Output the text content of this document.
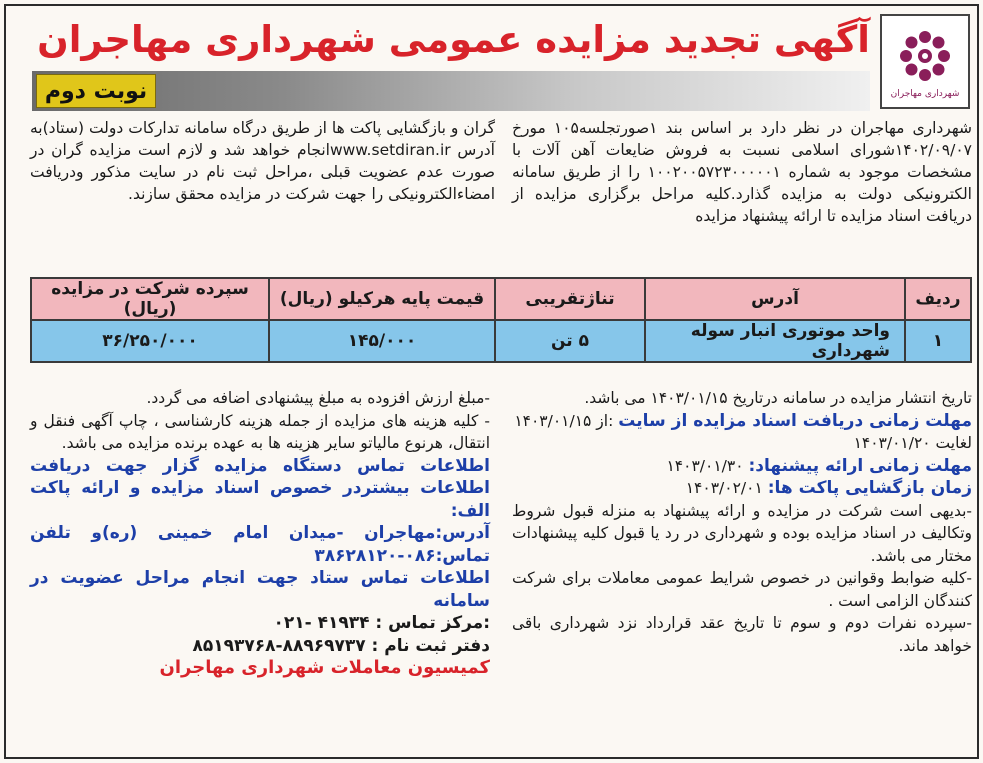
شهرداری مهاجران
آگهی تجدید مزایده عمومی شهرداری مهاجران
نوبت دوم
شهرداری مهاجران در نظر دارد بر اساس بند ۱صورتجلسه۱۰۵ مورخ ۱۴۰۲/۰۹/۰۷شورای اسلامی نسبت به فروش ضایعات آهن آلات با مشخصات موجود به شماره ۱۰۰۲۰۰۵۷۲۳۰۰۰۰۰۱ را از طریق سامانه الکترونیکی دولت به مزایده گذارد.کلیه مراحل برگزاری مزایده از دریافت اسناد مزایده تا ارائه پیشنهاد مزایده
گران و بازگشایی پاکت ها از طریق درگاه سامانه تدارکات دولت (ستاد)به آدرس www.setdiran.irانجام خواهد شد و لازم است مزایده گران در صورت عدم عضویت قبلی ،مراحل ثبت نام در سایت مذکور ودریافت امضاءالکترونیکی را جهت شرکت در مزایده محقق سازند.
ردیف	آدرس	تناژتقریبی	قیمت پایه هرکیلو (ریال)	سپرده شرکت در مزایده (ریال)
۱	واحد موتوری انبار سوله شهرداری	۵ تن	۱۴۵/۰۰۰	۳۶/۲۵۰/۰۰۰
تاریخ انتشار مزایده در سامانه درتاریخ ۱۴۰۳/۰۱/۱۵ می باشد.
مهلت زمانی دریافت اسناد مزایده از سایت :از ۱۴۰۳/۰۱/۱۵
لغایت ۱۴۰۳/۰۱/۲۰
مهلت زمانی ارائه پیشنهاد: ۱۴۰۳/۰۱/۳۰
زمان بازگشایی پاکت ها: ۱۴۰۳/۰۲/۰۱
-بدیهی است شرکت در مزایده و ارائه پیشنهاد به منزله قبول شروط وتکالیف در اسناد مزایده بوده و شهرداری در رد یا قبول کلیه پیشنهادات مختار می باشد.
-کلیه ضوابط وقوانین در خصوص شرایط عمومی معاملات برای شرکت کنندگان الزامی است .
-سپرده نفرات دوم و سوم تا تاریخ عقد قرارداد نزد شهرداری باقی خواهد ماند.
-مبلغ ارزش افزوده به مبلغ پیشنهادی اضافه می گردد.
- کلیه هزینه های مزایده از جمله هزینه کارشناسی ، چاپ آگهی فنقل و انتقال، هرنوع مالیاتو سایر هزینه ها به عهده برنده مزایده می باشد.
اطلاعات تماس دستگاه مزایده گزار جهت دریافت اطلاعات بیشتردر خصوص اسناد مزایده و ارائه پاکت الف:
آدرس:مهاجران -میدان امام خمینی (ره)و تلفن تماس:۰۸۶-۳۸۶۲۸۱۲۰
اطلاعات تماس ستاد جهت انجام مراحل عضویت در سامانه
:مرکز تماس : ۴۱۹۳۴ -۰۲۱
دفتر ثبت نام : ۸۸۹۶۹۷۳۷-۸۵۱۹۳۷۶۸
کمیسیون معاملات شهرداری مهاجران
